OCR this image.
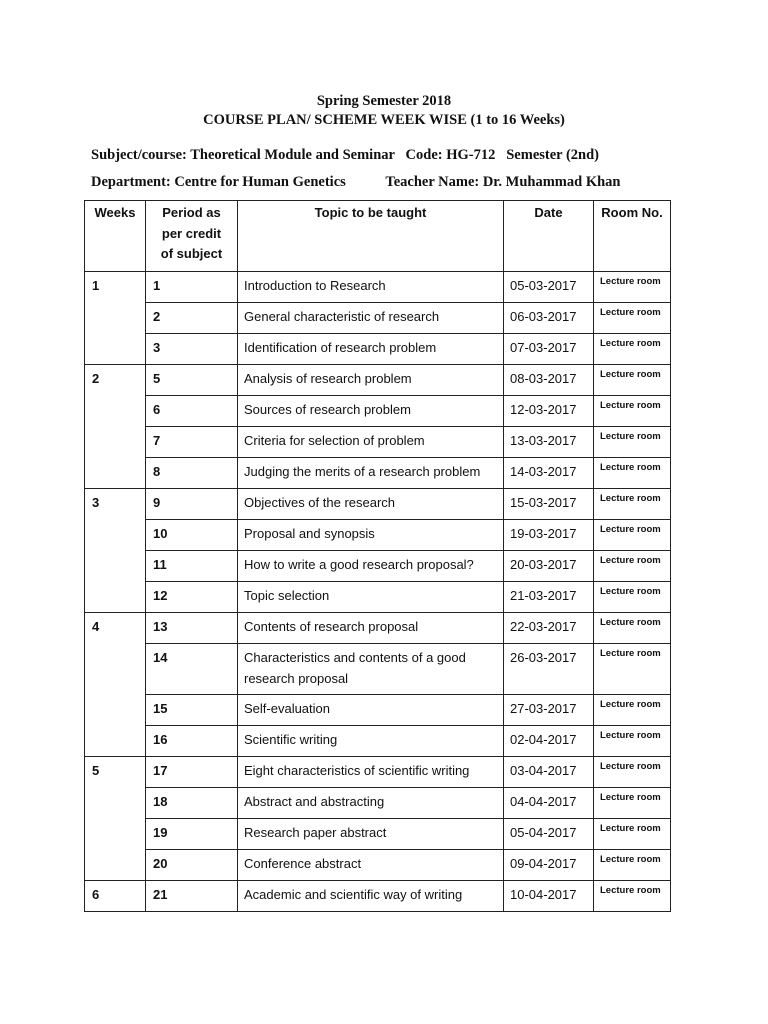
Spring Semester 2018
COURSE PLAN/ SCHEME WEEK WISE (1 to 16 Weeks)
Subject/course: Theoretical Module and Seminar   Code: HG-712   Semester (2nd)
Department: Centre for Human Genetics           Teacher Name: Dr. Muhammad Khan
Weeks	Period as per credit of subject	Topic to be taught	Date	Room No.

1	1	Introduction to Research	05-03-2017	Lecture room

	2	General characteristic of research	06-03-2017	Lecture room

	3	Identification of research problem	07-03-2017	Lecture room

2	5	Analysis of research problem	08-03-2017	Lecture room

	6	Sources of research problem	12-03-2017	Lecture room

	7	Criteria for selection of problem	13-03-2017	Lecture room

	8	Judging the merits of a research problem	14-03-2017	Lecture room

3	9	Objectives of the research	15-03-2017	Lecture room

	10	Proposal and synopsis	19-03-2017	Lecture room

	11	How to write a good research proposal?	20-03-2017	Lecture room

	12	Topic selection	21-03-2017	Lecture room

4	13	Contents of research proposal	22-03-2017	Lecture room

	14	Characteristics and contents of a good research proposal	26-03-2017	Lecture room

	15	Self-evaluation	27-03-2017	Lecture room

	16	Scientific writing	02-04-2017	Lecture room

5	17	Eight characteristics of scientific writing	03-04-2017	Lecture room

	18	Abstract and abstracting	04-04-2017	Lecture room

	19	Research paper abstract	05-04-2017	Lecture room

	20	Conference abstract	09-04-2017	Lecture room

6	21	Academic and scientific way of writing	10-04-2017	Lecture room
